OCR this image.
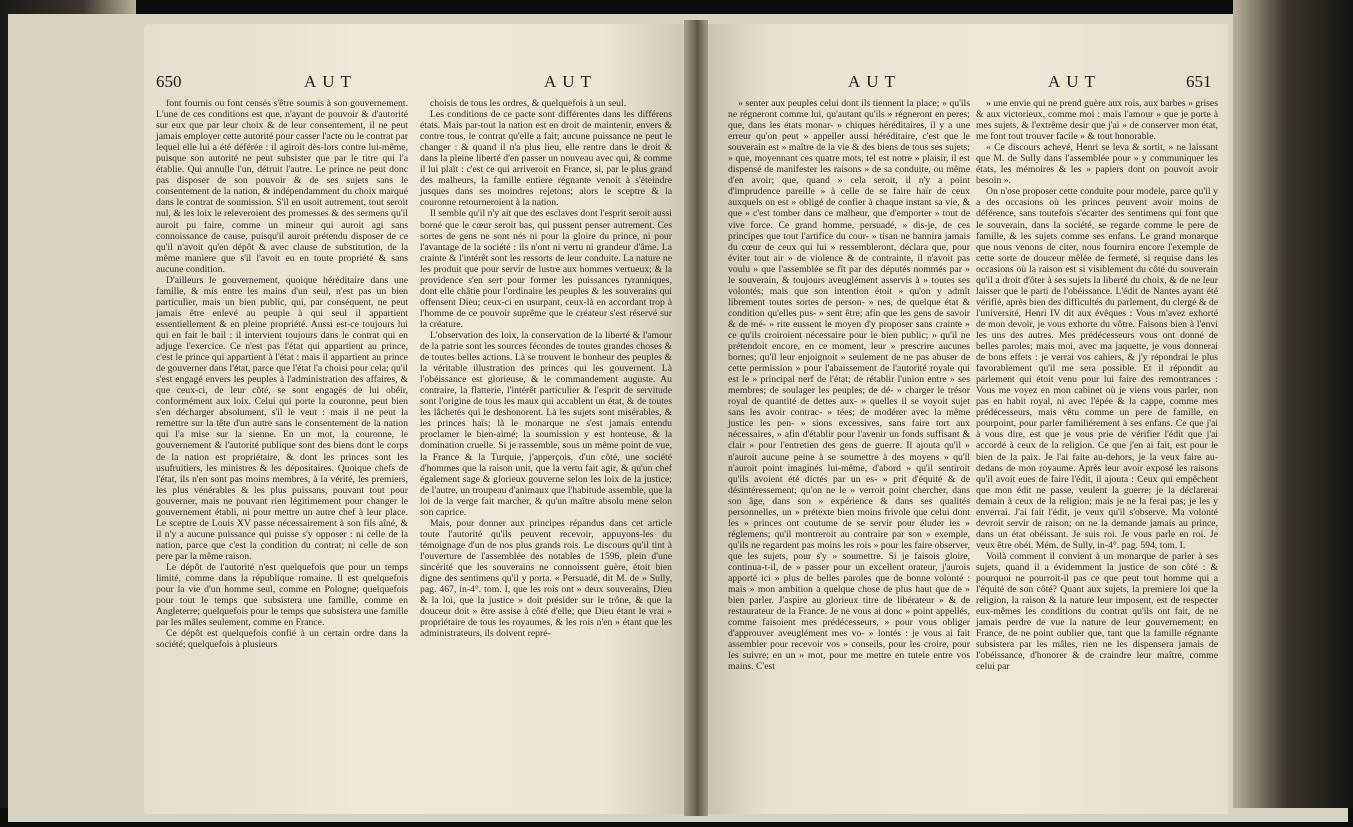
650	AUT	AUT

font fournis ou font censés s'être soumis à son gouvernement. L'une de ces conditions est que, n'ayant de pouvoir & d'autorité sur eux que par leur choix & de leur consentement, il ne peut jamais employer cette autorité pour casser l'acte ou le contrat par lequel elle lui a été déférée : il agiroit dès-lors contre lui-même, puisque son autorité ne peut subsister que par le titre qui l'a établie. Qui annulle l'un, détruit l'autre. Le prince ne peut donc pas disposer de son pouvoir & de ses sujets sans le consentement de la nation, & indépendamment du choix marqué dans le contrat de soumission. S'il en usoit autrement, tout seroit nul, & les loix le releveroient des promesses & des sermens qu'il auroit pu faire, comme un mineur qui auroit agi sans connoissance de cause, puisqu'il auroit prétendu disposer de ce qu'il n'avoit qu'en dépôt & avec clause de substitution, de la même maniere que s'il l'avoit eu en toute propriété & sans aucune condition.

D'ailleurs le gouvernement, quoique héréditaire dans une famille, & mis entre les mains d'un seul, n'est pas un bien particulier, mais un bien public, qui, par conséquent, ne peut jamais être enlevé au peuple à qui seul il appartient essentiellement & en pleine propriété. Aussi est-ce toujours lui qui en fait le bail : il intervient toujours dans le contrat qui en adjuge l'exercice. Ce n'est pas l'état qui appartient au prince, c'est le prince qui appartient à l'état : mais il appartient au prince de gouverner dans l'état, parce que l'état l'a choisi pour cela; qu'il s'est engagé envers les peuples à l'administration des affaires, & que ceux-ci, de leur côté, se sont engagés de lui obéir, conformément aux loix. Celui qui porte la couronne, peut bien s'en décharger absolument, s'il le veut : mais il ne peut la remettre sur la tête d'un autre sans le consentement de la nation qui l'a mise sur la sienne. En un mot, la couronne, le gouvernement & l'autorité publique sont des biens dont le corps de la nation est propriétaire, & dont les princes sont les usufruitiers, les ministres & les dépositaires. Quoique chefs de l'état, ils n'en sont pas moins membres, à la vérité, les premiers, les plus vénérables & les plus puissans, pouvant tout pour gouverner, mais ne pouvant rien légitimement pour changer le gouvernement établi, ni pour mettre un autre chef à leur place. Le sceptre de Louis XV passe nécessairement à son fils aîné, & il n'y a aucune puissance qui puisse s'y opposer : ni celle de la nation, parce que c'est la condition du contrat; ni celle de son pere par la même raison.

Le dépôt de l'autorité n'est quelquefois que pour un temps limité, comme dans la république romaine. Il est quelquefois pour la vie d'un homme seul, comme en Pologne; quelquefois pour tout le temps que subsistera une famille, comme en Angleterre; quelquefois pour le temps que subsistera une famille par les mâles seulement, comme en France.

Ce dépôt est quelquefois confié à un certain ordre dans la société; quelquefois à plusieurs

choisis de tous les ordres, & quelquefois à un seul.

Les conditions de ce pacte sont différentes dans les différens états. Mais par-tout la nation est en droit de maintenir, envers & contre tous, le contrat qu'elle a fait; aucune puissance ne peut le changer : & quand il n'a plus lieu, elle rentre dans le droit & dans la pleine liberté d'en passer un nouveau avec qui, & comme il lui plaît : c'est ce qui arriveroit en France, si, par le plus grand des malheurs, la famille entiere régnante venoit à s'éteindre jusques dans ses moindres rejetons; alors le sceptre & la couronne retourneroient à la nation.

Il semble qu'il n'y ait que des esclaves dont l'esprit seroit aussi borné que le cœur seroit bas, qui pussent penser autrement. Ces sortes de gens ne sont nés ni pour la gloire du prince, ni pour l'avantage de la société : ils n'ont ni vertu ni grandeur d'âme. La crainte & l'intérêt sont les ressorts de leur conduite. La nature ne les produit que pour servir de lustre aux hommes vertueux; & la providence s'en sert pour former les puissances tyranniques, dont elle châtie pour l'ordinaire les peuples & les souverains qui offensent Dieu; ceux-ci en usurpant, ceux-là en accordant trop à l'homme de ce pouvoir suprême que le créateur s'est réservé sur la créature.

L'observation des loix, la conservation de la liberté & l'amour de la patrie sont les sources fécondes de toutes grandes choses & de toutes belles actions. Là se trouvent le bonheur des peuples & la véritable illustration des princes qui les gouvernent. Là l'obéissance est glorieuse, & le commandement auguste. Au contraire, la flatterie, l'intérêt particulier & l'esprit de servitude sont l'origine de tous les maux qui accablent un état, & de toutes les lâchetés qui le deshonorent. Là les sujets sont misérables, & les princes haïs; là le monarque ne s'est jamais entendu proclamer le bien-aimé; la soumission y est honteuse, & la domination cruelle. Si je rassemble, sous un même point de vue, la France & la Turquie, j'apperçois, d'un côté, une société d'hommes que la raison unit, que la vertu fait agir, & qu'un chef également sage & glorieux gouverne selon les loix de la justice; de l'autre, un troupeau d'animaux que l'habitude assemble, que la loi de la verge fait marcher, & qu'un maître absolu mene selon son caprice.

Mais, pour donner aux principes répandus dans cet article toute l'autorité qu'ils peuvent recevoir, appuyons-les du témoignage d'un de nos plus grands rois. Le discours qu'il tint à l'ouverture de l'assemblée des notables de 1596, plein d'une sincérité que les souverains ne connoissent guère, étoit bien digne des sentimens qu'il y porta. « Persuadé, dit M. de » Sully, pag. 467, in-4°. tom. I, que les rois ont » deux souverains, Dieu & la loi, que la justice » doit présider sur le trône, & que la douceur doit » être assise à côté d'elle; que Dieu étant le vrai » propriétaire de tous les royaumes, & les rois n'en » étant que les administrateurs, ils doivent repré-

AUT	AUT	651

» senter aux peuples celui dont ils tiennent la place; » qu'ils ne régneront comme lui, qu'autant qu'ils » régneront en peres; que, dans les états monar- » chiques héréditaires, il y a une erreur qu'on peut » appeller aussi héréditaire, c'est que le souverain est » maître de la vie & des biens de tous ses sujets; » que, moyennant ces quatre mots, tel est notre » plaisir, il est dispensé de manifester les raisons » de sa conduite, ou même d'en avoir; que, quand » cela seroit, il n'y a point d'imprudence pareille » à celle de se faire haïr de ceux auxquels on est » obligé de confier à chaque instant sa vie, & que » c'est tomber dans ce malheur, que d'emporter » tout de vive force. Ce grand homme, persuadé, » dis-je, de ces principes que tout l'artifice du cour- » tisan ne bannira jamais du cœur de ceux qui lui » ressembleront, déclara que, pour éviter tout air » de violence & de contrainte, il n'avoit pas voulu » que l'assemblée se fît par des députés nommés par » le souverain, & toujours aveuglément asservis à » toutes ses volontés; mais que son intention étoit » qu'on y admît librement toutes sortes de person- » nes, de quelque état & condition qu'elles pus- » sent être; afin que les gens de savoir & de mé- » rite eussent le moyen d'y proposer sans crainte » ce qu'ils croiroient nécessaire pour le bien public; » qu'il ne prétendoit encore, en ce moment, leur » prescrire aucunes bornes; qu'il leur enjoignoit » seulement de ne pas abuser de cette permission » pour l'abaissement de l'autorité royale qui est le » principal nerf de l'état; de rétablir l'union entre » ses membres; de soulager les peuples; de dé- » charger le trésor royal de quantité de dettes aux- » quelles il se voyoit sujet sans les avoir contrac- » tées; de modérer avec la même justice les pen- » sions excessives, sans faire tort aux nécessaires, » afin d'établir pour l'avenir un fonds suffisant & clair » pour l'entretien des gens de guerre. Il ajouta qu'il » n'auroit aucune peine à se soumettre à des moyens » qu'il n'auroit point imaginés lui-même, d'abord » qu'il sentiroit qu'ils avoient été dictés par un es- » prit d'équité & de désintéressement; qu'on ne le » verroit point chercher, dans son âge, dans son » expérience & dans ses qualités personnelles, un » prétexte bien moins frivole que celui dont les » princes ont coutume de se servir pour éluder les » réglemens; qu'il montreroit au contraire par son » exemple, qu'ils ne regardent pas moins les rois » pour les faire observer, que les sujets, pour s'y » soumettre. Si je faisois gloire, continua-t-il, de » passer pour un excellent orateur, j'aurois apporté ici » plus de belles paroles que de bonne volonté : mais » mon ambition a quelque chose de plus haut que de » bien parler. J'aspire au glorieux titre de libérateur » & de restaurateur de la France. Je ne vous ai donc » point appellés, comme faisoient mes prédécesseurs, » pour vous obliger d'approuver aveuglément mes vo- » lontés : je vous ai fait assembler pour recevoir vos » conseils, pour les croire, pour les suivre; en un » mot, pour me mettre en tutele entre vos mains. C'est

» une envie qui ne prend guère aux rois, aux barbes » grises & aux victorieux, comme moi : mais l'amour » que je porte à mes sujets, & l'extrême desir que j'ai » de conserver mon état, me font tout trouver facile » & tout honorable.

« Ce discours achevé, Henri se leva & sortit, » ne laissant que M. de Sully dans l'assemblée pour » y communiquer les états, les mémoires & les » papiers dont on pouvoit avoir besoin ».

On n'ose proposer cette conduite pour modele, parce qu'il y a des occasions où les princes peuvent avoir moins de déférence, sans toutefois s'écarter des sentimens qui font que le souverain, dans la société, se regarde comme le pere de famille, & les sujets comme ses enfans. Le grand monarque que nous venons de citer, nous fournira encore l'exemple de cette sorte de douceur mêlée de fermeté, si requise dans les occasions où la raison est si visiblement du côté du souverain qu'il a droit d'ôter à ses sujets la liberté du choix, & de ne leur laisser que le parti de l'obéissance. L'édit de Nantes ayant été vérifié, après bien des difficultés du parlement, du clergé & de l'université, Henri IV dit aux évêques : Vous m'avez exhorté de mon devoir, je vous exhorte du vôtre. Faisons bien à l'envi les uns des autres. Mes prédécesseurs vous ont donné de belles paroles; mais moi, avec ma jaquette, je vous donnerai de bons effets : je verrai vos cahiers, & j'y répondrai le plus favorablement qu'il me sera possible. Et il répondit au parlement qui étoit venu pour lui faire des remontrances : Vous me voyez en mon cabinet où je viens vous parler, non pas en habit royal, ni avec l'épée & la cappe, comme mes prédécesseurs, mais vêtu comme un pere de famille, en pourpoint, pour parler familiérement à ses enfans. Ce que j'ai à vous dire, est que je vous prie de vérifier l'édit que j'ai accordé à ceux de la religion. Ce que j'en ai fait, est pour le bien de la paix. Je l'ai faite au-dehors, je la veux faire au-dedans de mon royaume. Après leur avoir exposé les raisons qu'il avoit eues de faire l'édit, il ajouta : Ceux qui empêchent que mon édit ne passe, veulent la guerre; je la déclarerai demain à ceux de la religion; mais je ne la ferai pas; je les y enverrai. J'ai fait l'édit, je veux qu'il s'observe. Ma volonté devroit servir de raison; on ne la demande jamais au prince, dans un état obéissant. Je suis roi. Je vous parle en roi. Je veux être obéi. Mém. de Sully, in-4°. pag. 594, tom. I.

Voilà comment il convient à un monarque de parler à ses sujets, quand il a évidemment la justice de son côté : & pourquoi ne pourroit-il pas ce que peut tout homme qui a l'équité de son côté? Quant aux sujets, la premiere loi que la religion, la raison & la nature leur imposent, est de respecter eux-mêmes les conditions du contrat qu'ils ont fait, de ne jamais perdre de vue la nature de leur gouvernement; en France, de ne point oublier que, tant que la famille régnante subsistera par les mâles, rien ne les dispensera jamais de l'obéissance, d'honorer & de craindre leur maître, comme celui par
